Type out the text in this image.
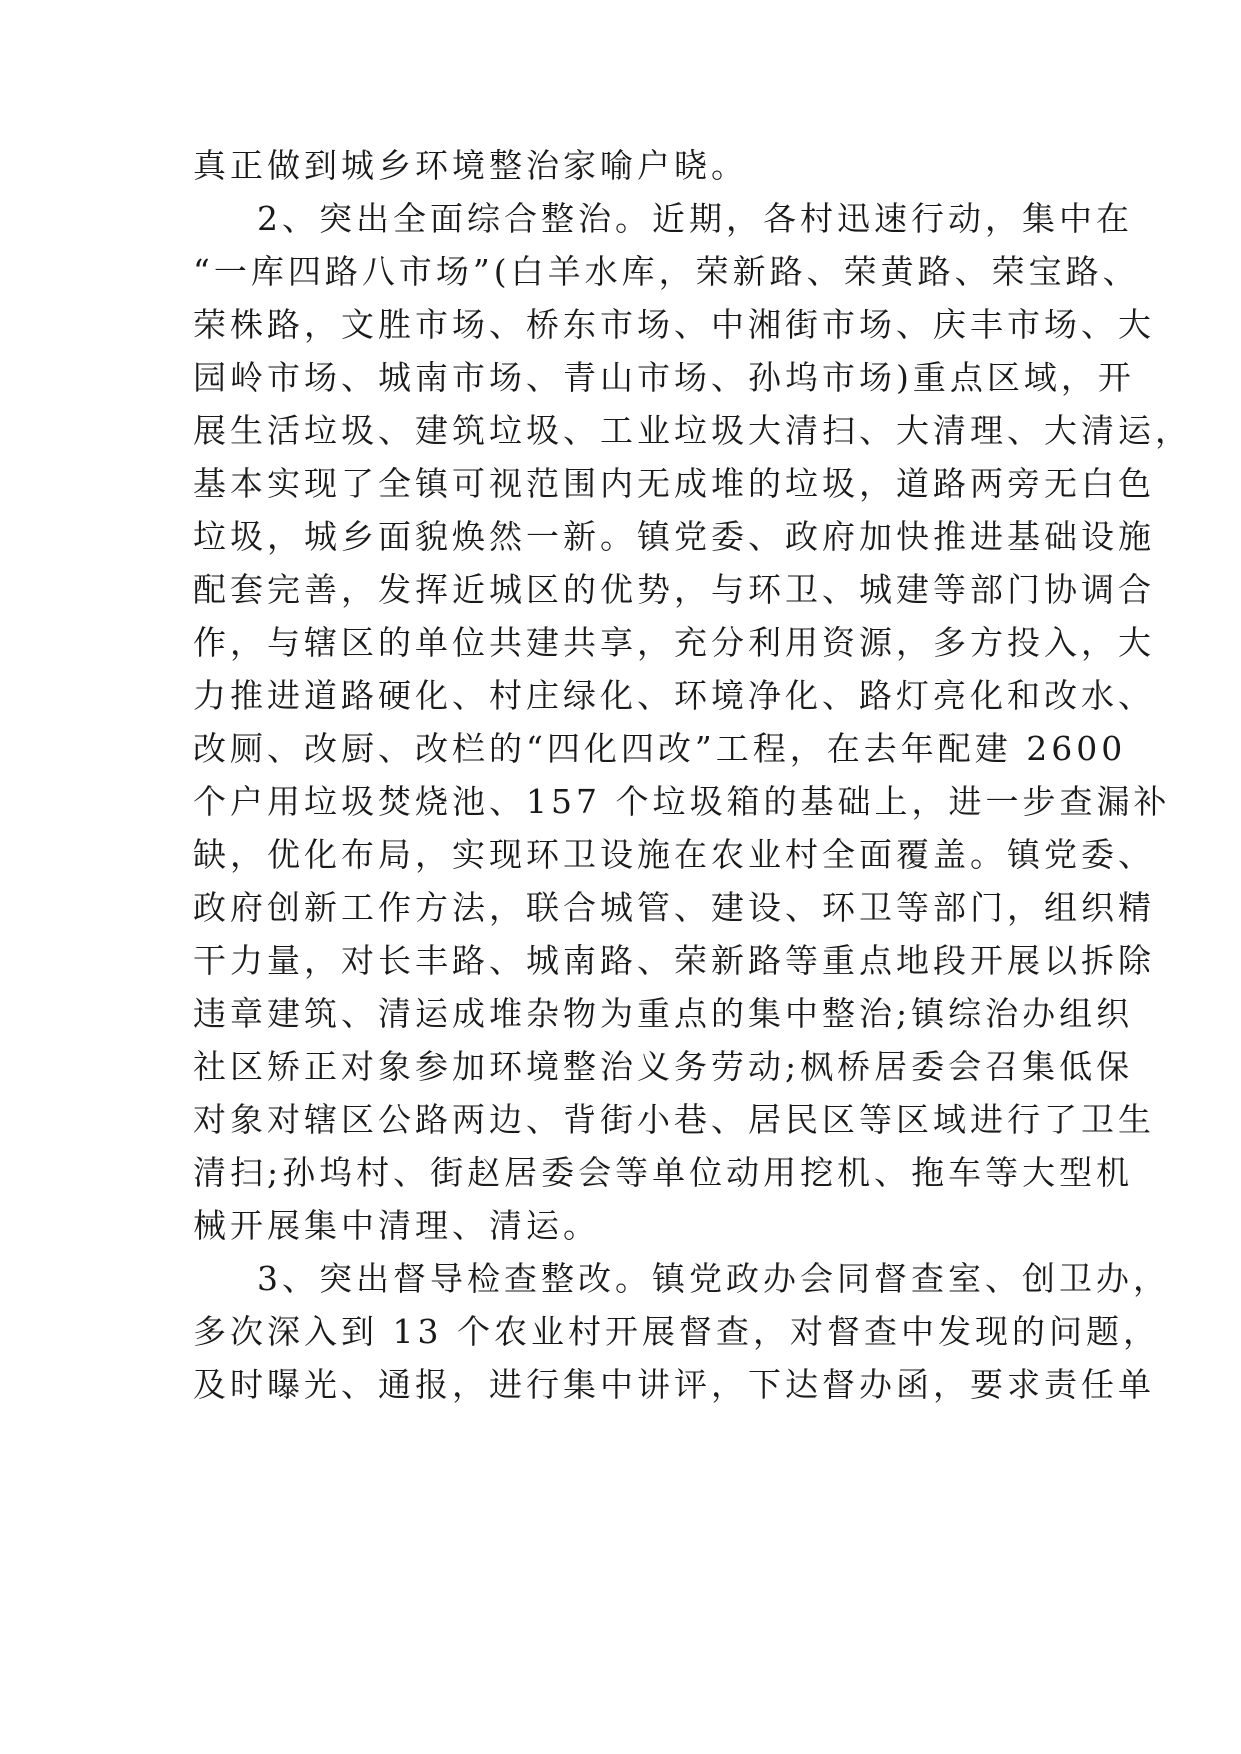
真正做到城乡环境整治家喻户晓。
2、突出全面综合整治。近期，各村迅速行动，集中在
“一库四路八市场”(白羊水库，荣新路、荣黄路、荣宝路、
荣株路，文胜市场、桥东市场、中湘街市场、庆丰市场、大
园岭市场、城南市场、青山市场、孙坞市场)重点区域，开
展生活垃圾、建筑垃圾、工业垃圾大清扫、大清理、大清运，
基本实现了全镇可视范围内无成堆的垃圾，道路两旁无白色
垃圾，城乡面貌焕然一新。镇党委、政府加快推进基础设施
配套完善，发挥近城区的优势，与环卫、城建等部门协调合
作，与辖区的单位共建共享，充分利用资源，多方投入，大
力推进道路硬化、村庄绿化、环境净化、路灯亮化和改水、
改厕、改厨、改栏的“四化四改”工程，在去年配建 2600
个户用垃圾焚烧池、157 个垃圾箱的基础上，进一步查漏补
缺，优化布局，实现环卫设施在农业村全面覆盖。镇党委、
政府创新工作方法，联合城管、建设、环卫等部门，组织精
干力量，对长丰路、城南路、荣新路等重点地段开展以拆除
违章建筑、清运成堆杂物为重点的集中整治;镇综治办组织
社区矫正对象参加环境整治义务劳动;枫桥居委会召集低保
对象对辖区公路两边、背街小巷、居民区等区域进行了卫生
清扫;孙坞村、街赵居委会等单位动用挖机、拖车等大型机
械开展集中清理、清运。
3、突出督导检查整改。镇党政办会同督查室、创卫办，
多次深入到 13 个农业村开展督查，对督查中发现的问题，
及时曝光、通报，进行集中讲评，下达督办函，要求责任单
